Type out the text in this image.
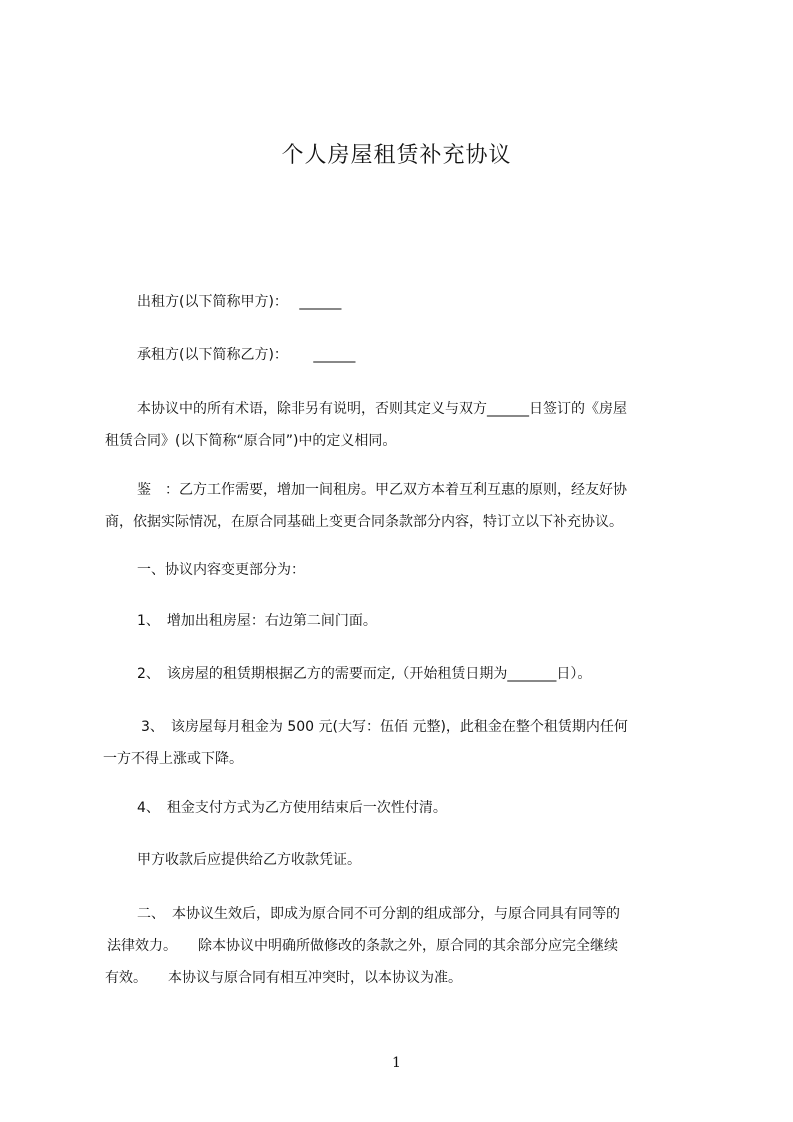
个人房屋租赁补充协议
出租方(以下简称甲方)：　 ______
承租方(以下简称乙方)：　　 ______
　本协议中的所有术语，除非另有说明，否则其定义与双方______日签订的《房屋
租赁合同》(以下简称“原合同”)中的定义相同。
鉴　：乙方工作需要，增加一间租房。甲乙双方本着互利互惠的原则，经友好协
商，依据实际情况，在原合同基础上变更合同条款部分内容，特订立以下补充协议。
一、协议内容变更部分为：
1、　增加出租房屋：右边第二间门面。
2、　该房屋的租赁期根据乙方的需要而定,（开始租赁日期为_______日）。
3、　该房屋每月租金为 500 元(大写：伍佰 元整)，此租金在整个租赁期内任何
一方不得上涨或下降。
4、　租金支付方式为乙方使用结束后一次性付清。
甲方收款后应提供给乙方收款凭证。
　二、　本协议生效后，即成为原合同不可分割的组成部分，与原合同具有同等的
法律效力。　　除本协议中明确所做修改的条款之外，原合同的其余部分应完全继续
有效。　　本协议与原合同有相互冲突时，以本协议为准。
1
